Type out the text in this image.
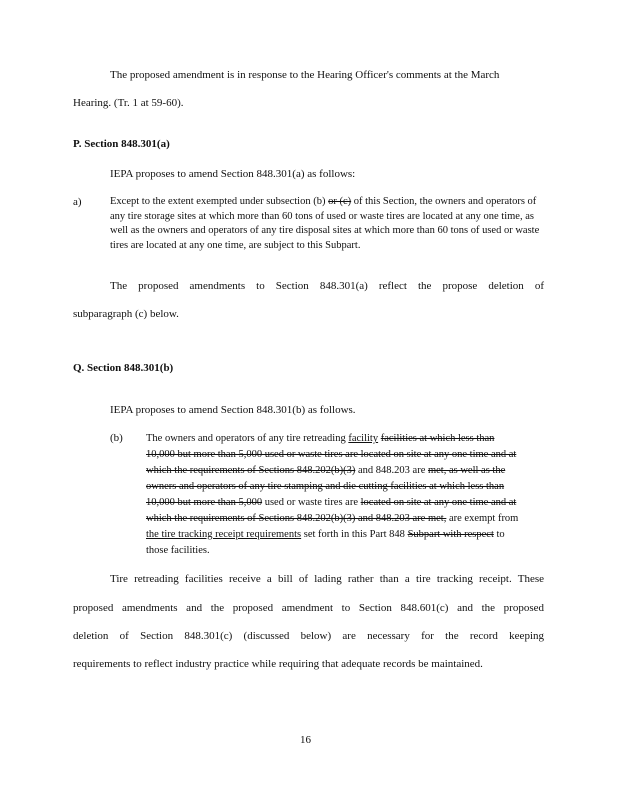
The proposed amendment is in response to the Hearing Officer's comments at the March

Hearing. (Tr. 1 at 59-60).

P. Section 848.301(a)

IEPA proposes to amend Section 848.301(a) as follows:

a)	Except to the extent exempted under subsection (b) or (c) of this Section, the owners and operators of any tire storage sites at which more than 60 tons of used or waste tires are located at any one time, as well as the owners and operators of any tire disposal sites at which more than 60 tons of used or waste tires are located at any one time, are subject to this Subpart.

The proposed amendments to Section 848.301(a) reflect the propose deletion of

subparagraph (c) below.

Q. Section 848.301(b)

IEPA proposes to amend Section 848.301(b) as follows.

(b) The owners and operators of any tire retreading facility facilities at which less than 10,000 but more than 5,000 used or waste tires are located on site at any one time and at which the requirements of Sections 848.202(b)(3) and 848.203 are met, as well as the owners and operators of any tire stamping and die cutting facilities at which less than 10,000 but more than 5,000 used or waste tires are located on site at any one time and at which the requirements of Sections 848.202(b)(3) and 848.203 are met, are exempt from the tire tracking receipt requirements set forth in this Part 848 Subpart with respect to those facilities.

Tire retreading facilities receive a bill of lading rather than a tire tracking receipt. These

proposed amendments and the proposed amendment to Section 848.601(c) and the proposed

deletion of Section 848.301(c) (discussed below) are necessary for the record keeping

requirements to reflect industry practice while requiring that adequate records be maintained.

16
